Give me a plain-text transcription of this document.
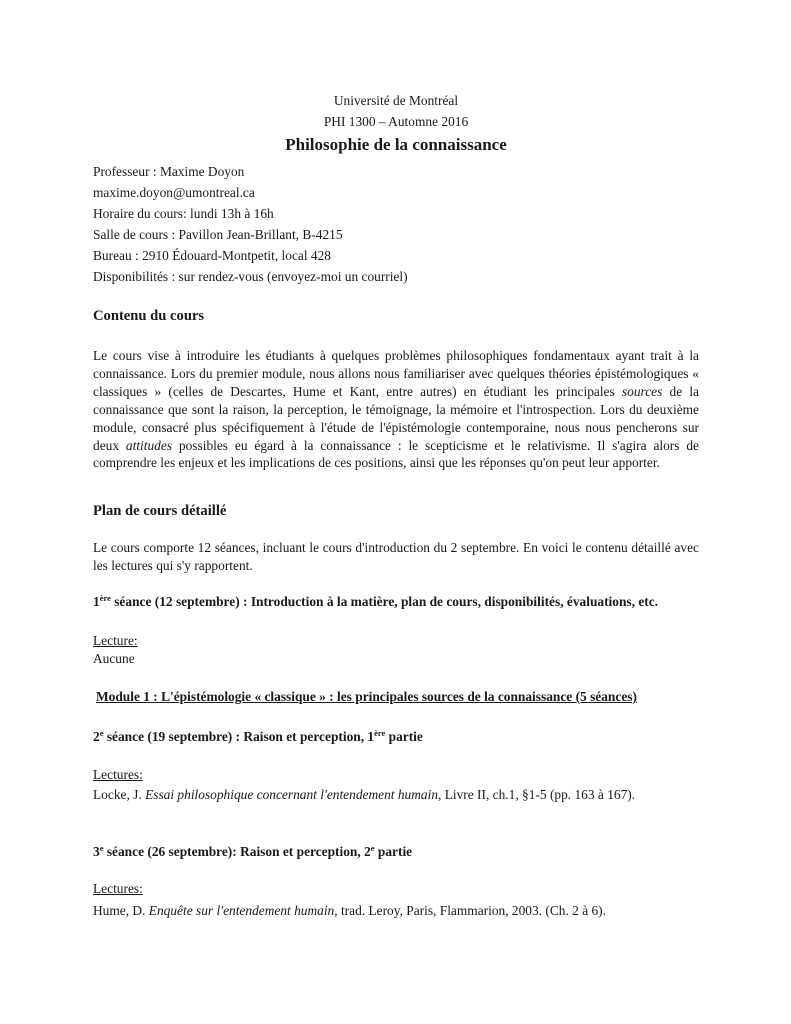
Université de Montréal
PHI 1300 – Automne 2016
Philosophie de la connaissance
Professeur : Maxime Doyon
maxime.doyon@umontreal.ca
Horaire du cours: lundi 13h à 16h
Salle de cours : Pavillon Jean-Brillant, B-4215
Bureau : 2910 Édouard-Montpetit, local 428
Disponibilités : sur rendez-vous (envoyez-moi un courriel)
Contenu du cours
Le cours vise à introduire les étudiants à quelques problèmes philosophiques fondamentaux ayant trait à la connaissance. Lors du premier module, nous allons nous familiariser avec quelques théories épistémologiques « classiques » (celles de Descartes, Hume et Kant, entre autres) en étudiant les principales sources de la connaissance que sont la raison, la perception, le témoignage, la mémoire et l'introspection. Lors du deuxième module, consacré plus spécifiquement à l'étude de l'épistémologie contemporaine, nous nous pencherons sur deux attitudes possibles eu égard à la connaissance : le scepticisme et le relativisme. Il s'agira alors de comprendre les enjeux et les implications de ces positions, ainsi que les réponses qu'on peut leur apporter.
Plan de cours détaillé
Le cours comporte 12 séances, incluant le cours d'introduction du 2 septembre. En voici le contenu détaillé avec les lectures qui s'y rapportent.
1ère séance (12 septembre) : Introduction à la matière, plan de cours, disponibilités, évaluations, etc.
Lecture:
Aucune
Module 1 : L'épistémologie « classique » : les principales sources de la connaissance (5 séances)
2e séance (19 septembre) : Raison et perception, 1ère partie
Lectures:
Locke, J. Essai philosophique concernant l'entendement humain, Livre II, ch.1, §1-5 (pp. 163 à 167).
3e séance (26 septembre): Raison et perception, 2e partie
Lectures:
Hume, D. Enquête sur l'entendement humain, trad. Leroy, Paris, Flammarion, 2003. (Ch. 2 à 6).
